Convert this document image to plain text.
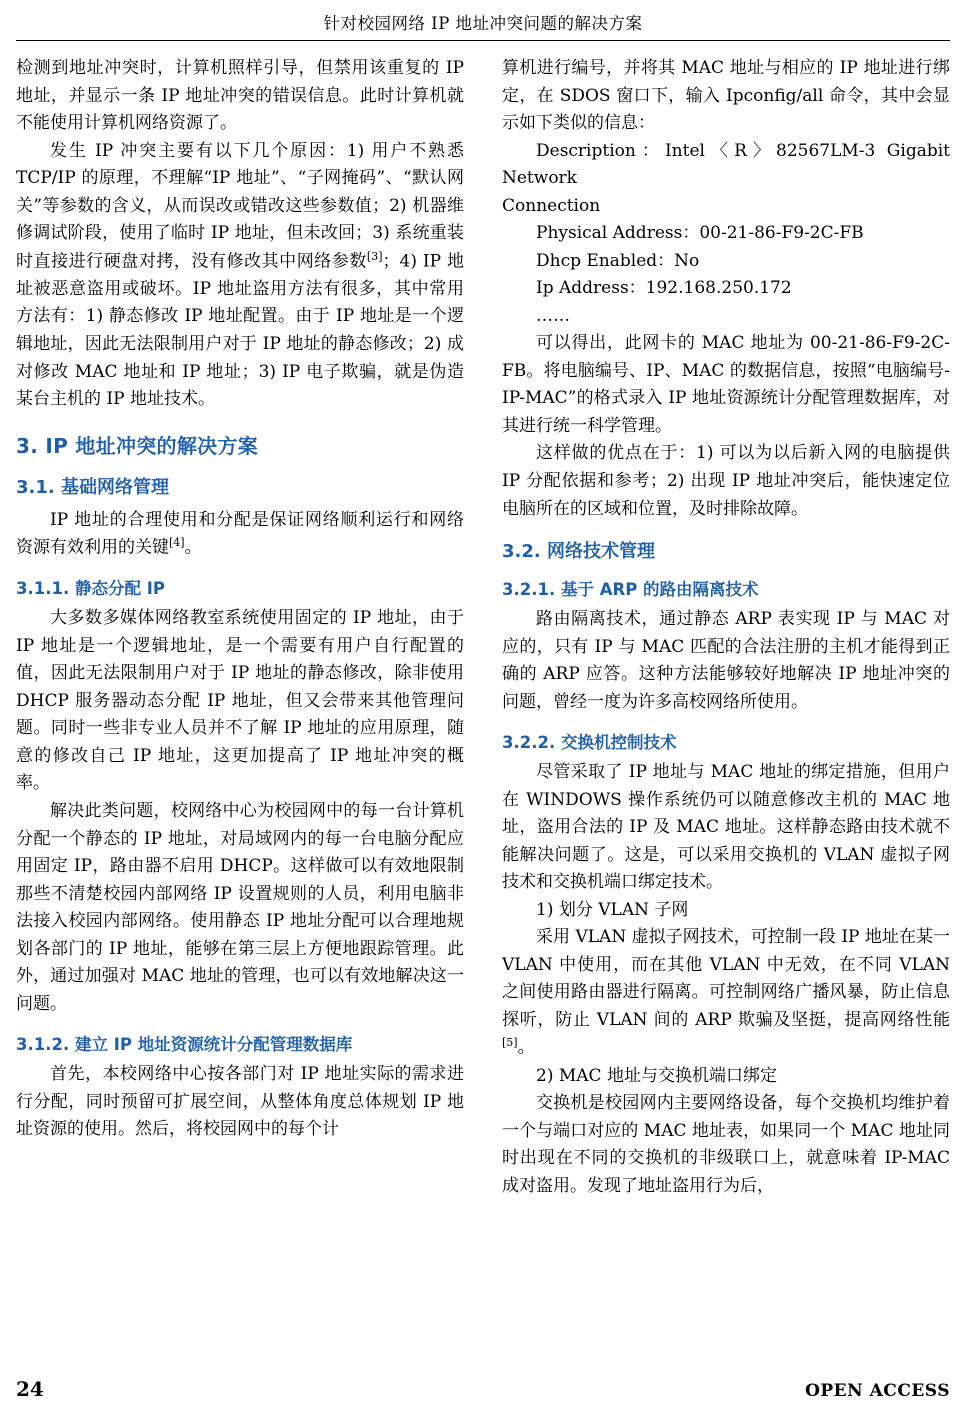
针对校园网络 IP 地址冲突问题的解决方案

检测到地址冲突时，计算机照样引导，但禁用该重复的 IP 地址，并显示一条 IP 地址冲突的错误信息。此时计算机就不能使用计算机网络资源了。

发生 IP 冲突主要有以下几个原因：1) 用户不熟悉 TCP/IP 的原理，不理解“IP 地址”、“子网掩码”、“默认网关”等参数的含义，从而误改或错改这些参数值；2) 机器维修调试阶段，使用了临时 IP 地址，但未改回；3) 系统重装时直接进行硬盘对拷，没有修改其中网络参数[3]；4) IP 地址被恶意盗用或破坏。IP 地址盗用方法有很多，其中常用方法有：1) 静态修改 IP 地址配置。由于 IP 地址是一个逻辑地址，因此无法限制用户对于 IP 地址的静态修改；2) 成对修改 MAC 地址和 IP 地址；3) IP 电子欺骗，就是伪造某台主机的 IP 地址技术。

3. IP 地址冲突的解决方案
3.1. 基础网络管理

IP 地址的合理使用和分配是保证网络顺利运行和网络资源有效利用的关键[4]。

3.1.1. 静态分配 IP

大多数多媒体网络教室系统使用固定的 IP 地址，由于 IP 地址是一个逻辑地址，是一个需要有用户自行配置的值，因此无法限制用户对于 IP 地址的静态修改，除非使用 DHCP 服务器动态分配 IP 地址，但又会带来其他管理问题。同时一些非专业人员并不了解 IP 地址的应用原理，随意的修改自己 IP 地址，这更加提高了 IP 地址冲突的概率。

解决此类问题，校网络中心为校园网中的每一台计算机分配一个静态的 IP 地址，对局域网内的每一台电脑分配应用固定 IP，路由器不启用 DHCP。这样做可以有效地限制那些不清楚校园内部网络 IP 设置规则的人员，利用电脑非法接入校园内部网络。使用静态 IP 地址分配可以合理地规划各部门的 IP 地址，能够在第三层上方便地跟踪管理。此外，通过加强对 MAC 地址的管理，也可以有效地解决这一问题。

3.1.2. 建立 IP 地址资源统计分配管理数据库

首先，本校网络中心按各部门对 IP 地址实际的需求进行分配，同时预留可扩展空间，从整体角度总体规划 IP 地址资源的使用。然后，将校园网中的每个计

算机进行编号，并将其 MAC 地址与相应的 IP 地址进行绑定，在 SDOS 窗口下，输入 Ipconfig/all 命令，其中会显示如下类似的信息：

Description：Intel〈R〉82567LM-3 Gigabit Network

Connection

Physical Address：00-21-86-F9-2C-FB

Dhcp Enabled：No

Ip Address：192.168.250.172

……

可以得出，此网卡的 MAC 地址为 00-21-86-F9-2C-FB。将电脑编号、IP、MAC 的数据信息，按照“电脑编号-IP-MAC”的格式录入 IP 地址资源统计分配管理数据库，对其进行统一科学管理。

这样做的优点在于：1) 可以为以后新入网的电脑提供 IP 分配依据和参考；2) 出现 IP 地址冲突后，能快速定位电脑所在的区域和位置，及时排除故障。

3.2. 网络技术管理
3.2.1. 基于 ARP 的路由隔离技术

路由隔离技术，通过静态 ARP 表实现 IP 与 MAC 对应的，只有 IP 与 MAC 匹配的合法注册的主机才能得到正确的 ARP 应答。这种方法能够较好地解决 IP 地址冲突的问题，曾经一度为许多高校网络所使用。

3.2.2. 交换机控制技术

尽管采取了 IP 地址与 MAC 地址的绑定措施，但用户在 WINDOWS 操作系统仍可以随意修改主机的 MAC 地址，盗用合法的 IP 及 MAC 地址。这样静态路由技术就不能解决问题了。这是，可以采用交换机的 VLAN 虚拟子网技术和交换机端口绑定技术。

1) 划分 VLAN 子网

采用 VLAN 虚拟子网技术，可控制一段 IP 地址在某一 VLAN 中使用，而在其他 VLAN 中无效，在不同 VLAN 之间使用路由器进行隔离。可控制网络广播风暴，防止信息探听，防止 VLAN 间的 ARP 欺骗及坚挺，提高网络性能[5]。

2) MAC 地址与交换机端口绑定

交换机是校园网内主要网络设备，每个交换机均维护着一个与端口对应的 MAC 地址表，如果同一个 MAC 地址同时出现在不同的交换机的非级联口上，就意味着 IP-MAC 成对盗用。发现了地址盗用行为后，

24	OPEN ACCESS
